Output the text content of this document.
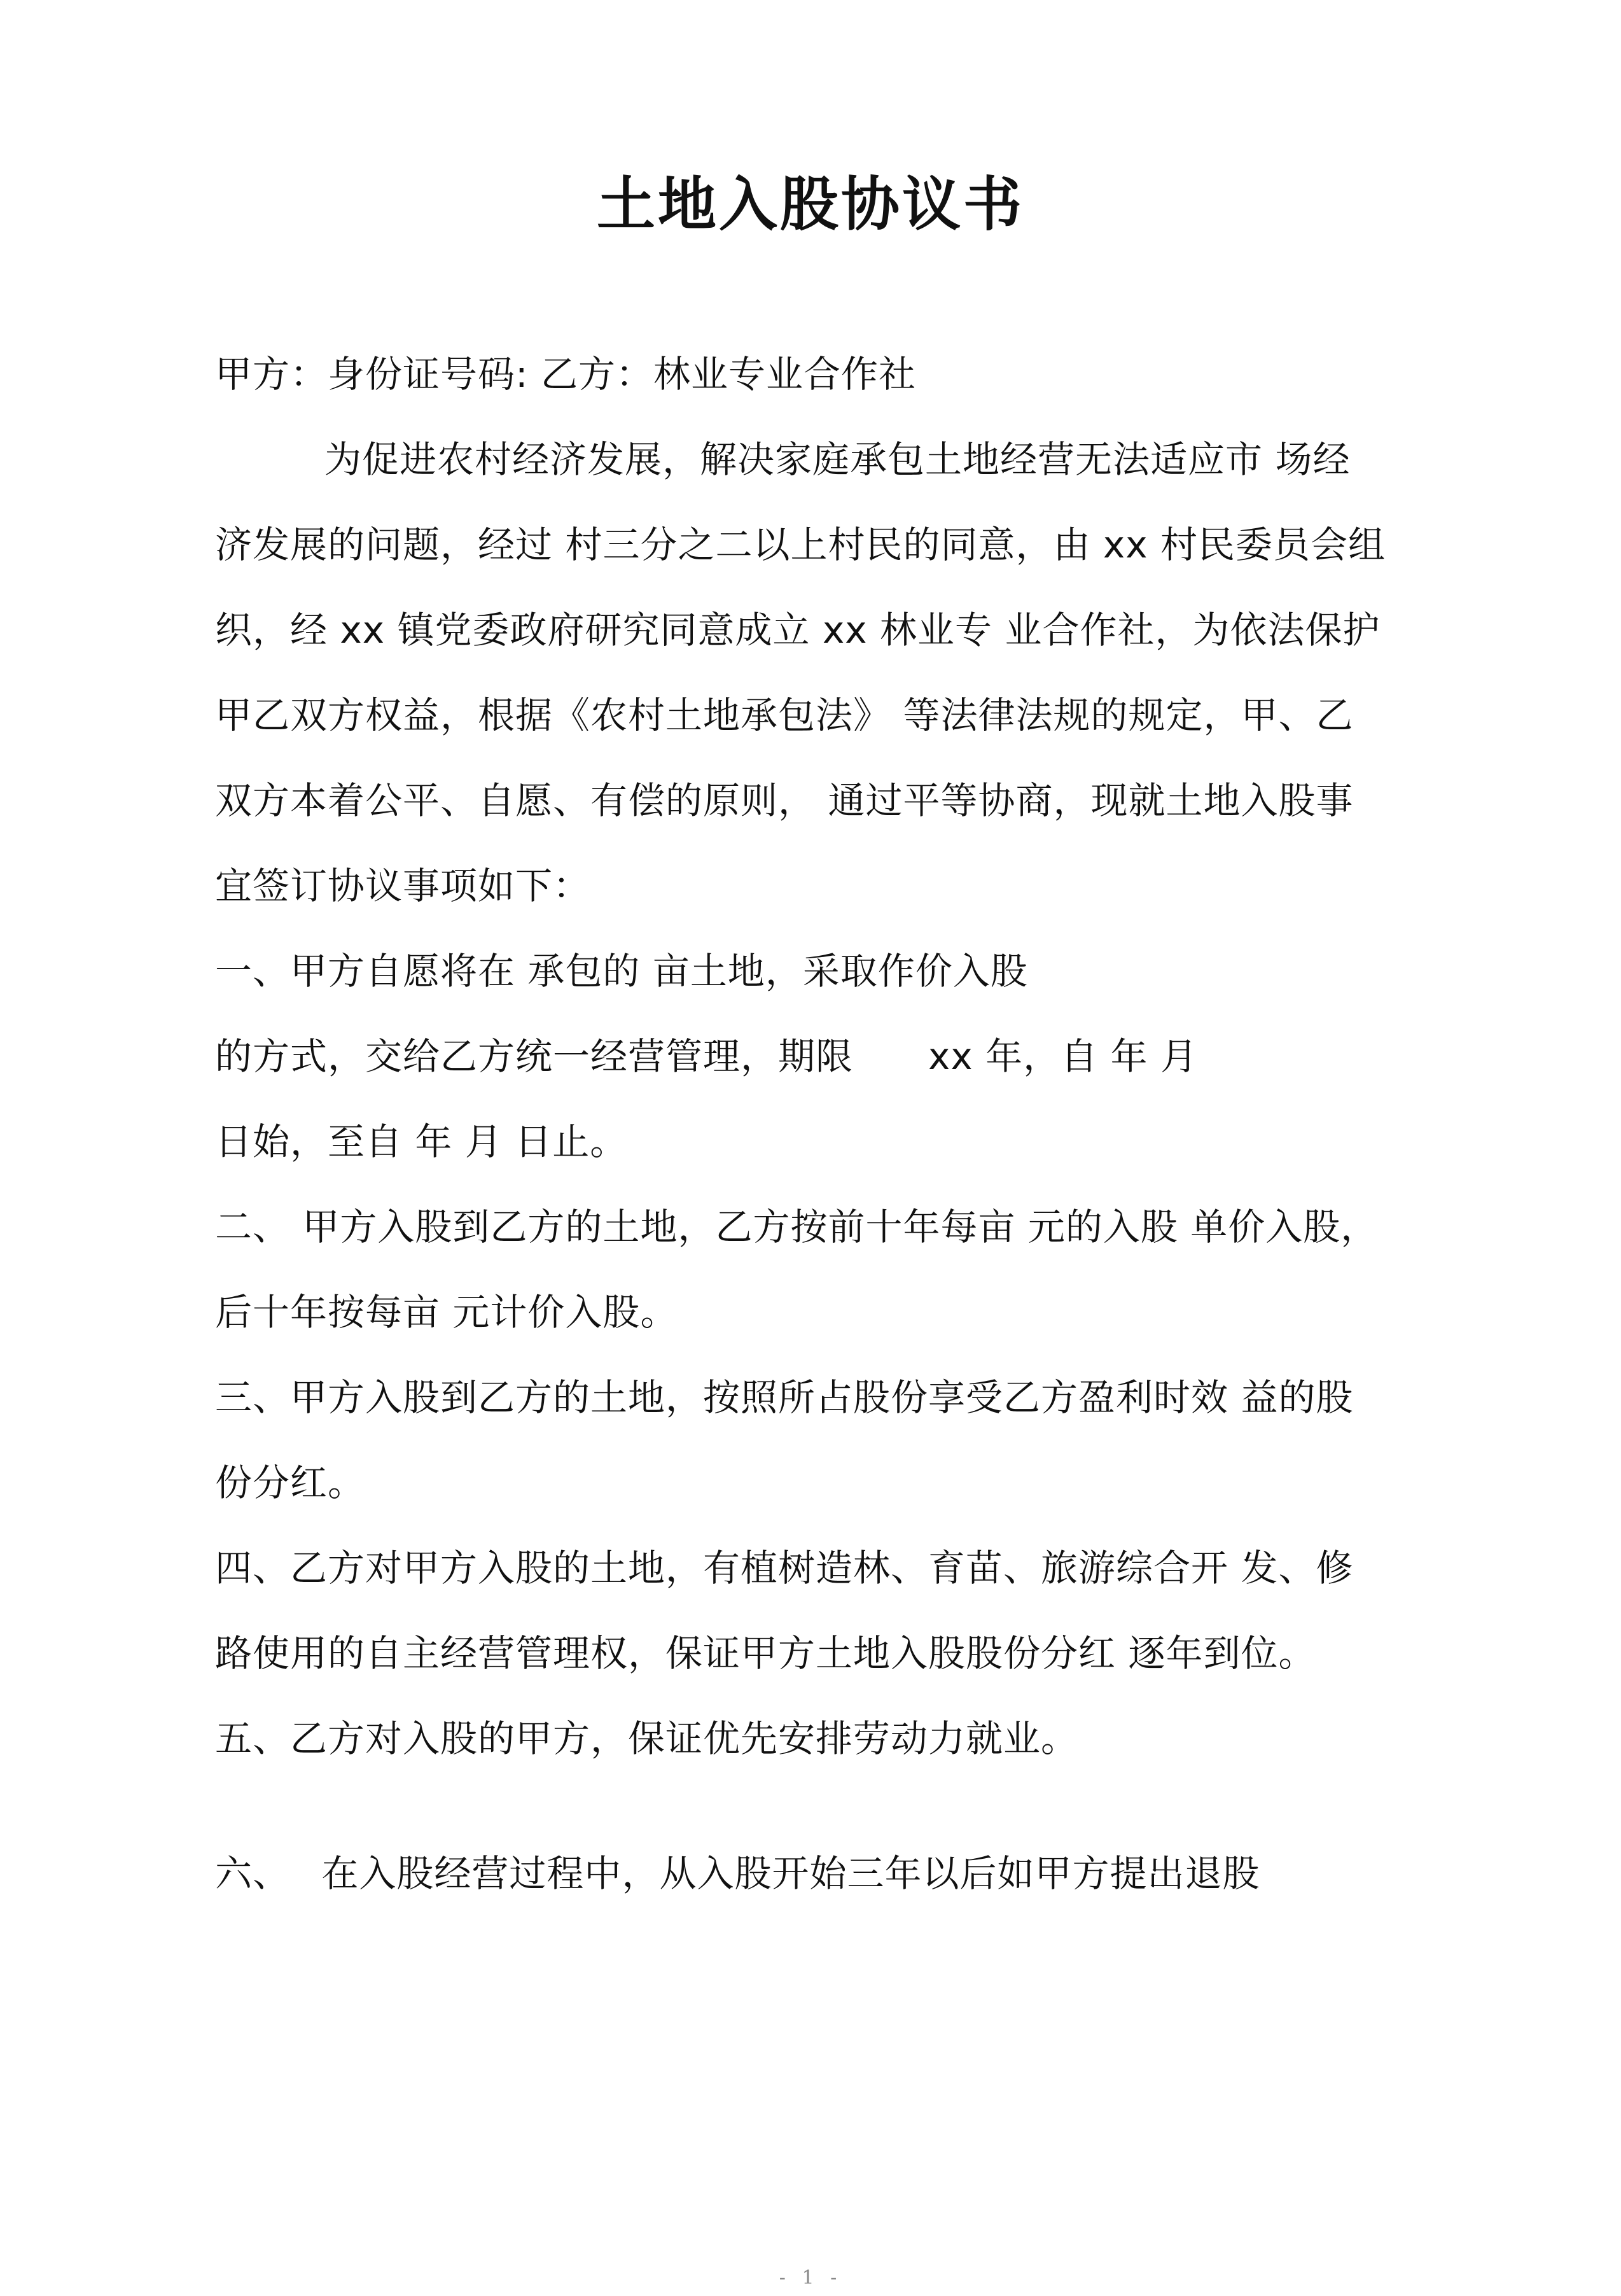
土地入股协议书
甲方：身份证号码: 乙方：林业专业合作社
为促进农村经济发展，解决家庭承包土地经营无法适应市 场经
济发展的问题，经过 村三分之二以上村民的同意，由 xx 村民委员会组
织，经 xx 镇党委政府研究同意成立 xx 林业专 业合作社，为依法保护
甲乙双方权益，根据《农村土地承包法》 等法律法规的规定，甲、乙
双方本着公平、自愿、有偿的原则， 通过平等协商，现就土地入股事
宜签订协议事项如下：
一、甲方自愿将在 承包的 亩土地，采取作价入股
的方式，交给乙方统一经营管理，期限　　xx 年，自 年 月
日始，至自 年 月 日止。
二、 甲方入股到乙方的土地，乙方按前十年每亩 元的入股 单价入股，
后十年按每亩 元计价入股。
三、甲方入股到乙方的土地，按照所占股份享受乙方盈利时效 益的股
份分红。
四、乙方对甲方入股的土地，有植树造林、育苗、旅游综合开 发、修
路使用的自主经营管理权，保证甲方土地入股股份分红 逐年到位。
五、乙方对入股的甲方，保证优先安排劳动力就业。
六、　 在入股经营过程中，从入股开始三年以后如甲方提出退股
- 1 -
